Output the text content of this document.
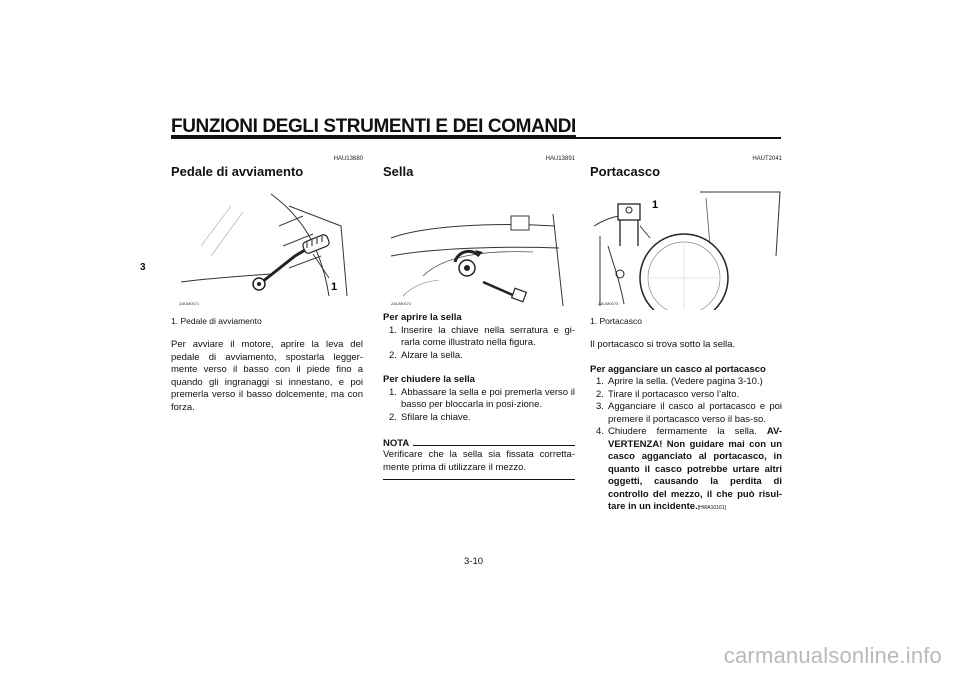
FUNZIONI DEGLI STRUMENTI E DEI COMANDI
3
HAU13680
Pedale di avviamento
1
ZAUM0071
1. Pedale di avviamento
Per avviare il motore, aprire la leva del pedale di avviamento, spostarla legger-mente verso il basso con il piede fino a quando gli ingranaggi si innestano, e poi premerla verso il basso dolcemente, ma con forza.
HAU13891
Sella
ZAUM0072
Per aprire la sella
1. Inserire la chiave nella serratura e gi-rarla come illustrato nella figura.
2. Alzare la sella.
Per chiudere la sella
1. Abbassare la sella e poi premerla verso il basso per bloccarla in posi-zione.
2. Sfilare la chiave.
NOTA
Verificare che la sella sia fissata corretta-mente prima di utilizzare il mezzo.
HAUT2041
Portacasco
1
ZAUM0073
1. Portacasco
Il portacasco si trova sotto la sella.
Per agganciare un casco al portacasco
1. Aprire la sella. (Vedere pagina 3-10.)
2. Tirare il portacasco verso l’alto.
3. Agganciare il casco al portacasco e poi premere il portacasco verso il bas-so.
4. Chiudere fermamente la sella. AV-VERTENZA! Non guidare mai con un casco agganciato al portacasco, in quanto il casco potrebbe urtare altri oggetti, causando la perdita di controllo del mezzo, il che può risul-tare in un incidente.[HWA10161]
3-10
carmanualsonline.info
